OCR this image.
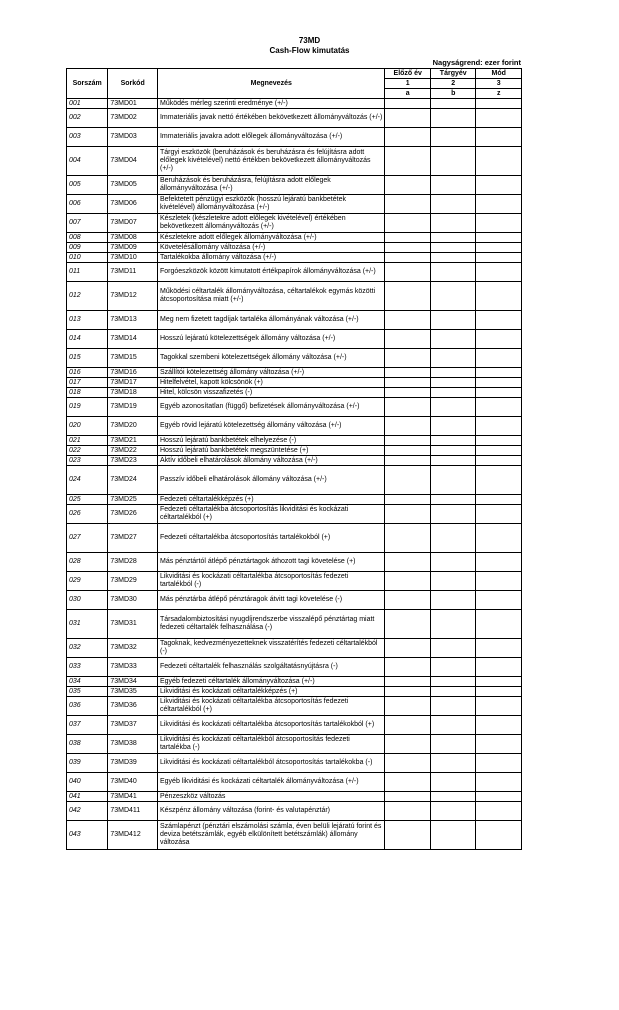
73MD
Cash-Flow kimutatás
Nagyságrend: ezer forint
Sorszám	Sorkód	Megnevezés	Előző év	Tárgyév	Mód
			1	2	3
			a	b	z
001	73MD01	Működés mérleg szerinti eredménye (+/-)			
002	73MD02	Immateriális javak nettó értékében bekövetkezett állományváltozás (+/-)			
003	73MD03	Immateriális javakra adott előlegek állományváltozása (+/-)			
004	73MD04	Tárgyi eszközök (beruházások és beruházásra és felújításra adott előlegek kivételével) nettó értékben bekövetkezett állományváltozás (+/-)			
005	73MD05	Beruházások és beruházásra, felújításra adott előlegek állományváltozása (+/-)			
006	73MD06	Befektetett pénzügyi eszközök (hosszú lejáratú bankbetétek kivételével) állományváltozása (+/-)			
007	73MD07	Készletek (készletekre adott előlegek kivételével) értékében bekövetkezett állományváltozás (+/-)			
008	73MD08	Készletekre adott előlegek állományváltozása (+/-)			
009	73MD09	Követelésállomány változása (+/-)			
010	73MD10	Tartalékokba állomány változása (+/-)			
011	73MD11	Forgóeszközök között kimutatott értékpapírok állományváltozása (+/-)			
012	73MD12	Működési céltartalék állományváltozása, céltartalékok egymás közötti átcsoportosítása miatt (+/-)			
013	73MD13	Meg nem fizetett tagdíjak tartaléka állományának változása (+/-)			
014	73MD14	Hosszú lejáratú kötelezettségek állomány változása (+/-)			
015	73MD15	Tagokkal szembeni kötelezettségek állomány változása (+/-)			
016	73MD16	Szállítói kötelezettség állomány változása (+/-)			
017	73MD17	Hitelfelvétel, kapott kölcsönök (+)			
018	73MD18	Hitel, kölcsön visszafizetés (-)			
019	73MD19	Egyéb azonosítatlan (függő) befizetések állományváltozása (+/-)			
020	73MD20	Egyéb rövid lejáratú kötelezettség állomány változása (+/-)			
021	73MD21	Hosszú lejáratú bankbetétek elhelyezése (-)			
022	73MD22	Hosszú lejáratú bankbetétek megszüntetése (+)			
023	73MD23	Aktív időbeli elhatárolások állomány változása (+/-)			
024	73MD24	Passzív időbeli elhatárolások állomány változása (+/-)			
025	73MD25	Fedezeti céltartalékképzés (+)			
026	73MD26	Fedezeti céltartalékba átcsoportosítás likviditási és kockázati céltartalékból (+)			
027	73MD27	Fedezeti céltartalékba átcsoportosítás tartalékokból (+)			
028	73MD28	Más pénztártól átlépő pénztártagok áthozott tagi követelése (+)			
029	73MD29	Likviditási és kockázati céltartalékba átcsoportosítás fedezeti tartalékból (-)			
030	73MD30	Más pénztárba átlépő pénztáragok átvitt tagi követelése (-)			
031	73MD31	Társadalombiztosítási nyugdíjrendszerbe visszalépő pénztártag miatt fedezeti céltartalék felhasználása (-)			
032	73MD32	Tagoknak, kedvezményezetteknek visszatérítés fedezeti céltartalékból (-)			
033	73MD33	Fedezeti céltartalék felhasználás szolgáltatásnyújtásra (-)			
034	73MD34	Egyéb fedezeti céltartalék állományváltozása (+/-)			
035	73MD35	Likviditási és kockázati céltartalékképzés (+)			
036	73MD36	Likviditási és kockázati céltartalékba átcsoportosítás fedezeti céltartalékból (+)			
037	73MD37	Likviditási és kockázati céltartalékba átcsoportosítás tartalékokból (+)			
038	73MD38	Likviditási és kockázati céltartalékból átcsoportosítás fedezeti tartalékba (-)			
039	73MD39	Likviditási és kockázati céltartalékból átcsoportosítás tartalékokba (-)			
040	73MD40	Egyéb likviditási és kockázati céltartalék állományváltozása (+/-)			
041	73MD41	Pénzeszköz változás			
042	73MD411	Készpénz állomány változása (forint- és valutapénztár)			
043	73MD412	Számlapénzt (pénztári elszámolási számla, éven belüli lejáratú forint és deviza betétszámlák, egyéb elkülönített betétszámlák) állomány változása			
